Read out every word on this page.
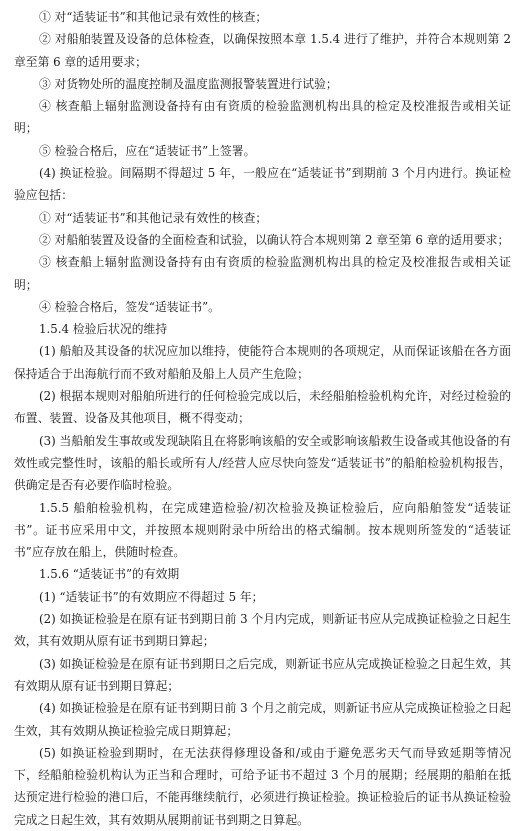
① 对“适装证书”和其他记录有效性的核查；

② 对船舶装置及设备的总体检查，以确保按照本章 1.5.4 进行了维护，并符合本规则第 2 章至第 6 章的适用要求；

③ 对货物处所的温度控制及温度监测报警装置进行试验；

④ 核查船上辐射监测设备持有由有资质的检验监测机构出具的检定及校准报告或相关证明；

⑤ 检验合格后，应在“适装证书”上签署。

(4) 换证检验。间隔期不得超过 5 年，一般应在“适装证书”到期前 3 个月内进行。换证检验应包括：

① 对“适装证书”和其他记录有效性的核查；

② 对船舶装置及设备的全面检查和试验，以确认符合本规则第 2 章至第 6 章的适用要求；

③ 核查船上辐射监测设备持有由有资质的检验监测机构出具的检定及校准报告或相关证明；

④ 检验合格后，签发“适装证书”。

1.5.4 检验后状况的维持

(1) 船舶及其设备的状况应加以维持，使能符合本规则的各项规定，从而保证该船在各方面保持适合于出海航行而不致对船舶及船上人员产生危险；

(2) 根据本规则对船舶所进行的任何检验完成以后，未经船舶检验机构允许，对经过检验的布置、装置、设备及其他项目，概不得变动；

(3) 当船舶发生事故或发现缺陷且在将影响该船的安全或影响该船救生设备或其他设备的有效性或完整性时，该船的船长或所有人/经营人应尽快向签发“适装证书”的船舶检验机构报告，供确定是否有必要作临时检验。

1.5.5 船舶检验机构，在完成建造检验/初次检验及换证检验后，应向船舶签发“适装证书”。证书应采用中文，并按照本规则附录中所给出的格式编制。按本规则所签发的“适装证书”应存放在船上，供随时检查。

1.5.6 “适装证书”的有效期

(1) “适装证书”的有效期应不得超过 5 年；

(2) 如换证检验是在原有证书到期日前 3 个月内完成，则新证书应从完成换证检验之日起生效，其有效期从原有证书到期日算起；

(3) 如换证检验是在原有证书到期日之后完成，则新证书应从完成换证检验之日起生效，其有效期从原有证书到期日算起；

(4) 如换证检验是在原有证书到期日前 3 个月之前完成，则新证书应从完成换证检验之日起生效，其有效期从换证检验完成日期算起；

(5) 如换证检验到期时，在无法获得修理设备和/或由于避免恶劣天气而导致延期等情况下，经船舶检验机构认为正当和合理时，可给予证书不超过 3 个月的展期；经展期的船舶在抵达预定进行检验的港口后，不能再继续航行，必须进行换证检验。换证检验后的证书从换证检验完成之日起生效，其有效期从展期前证书到期之日算起。
